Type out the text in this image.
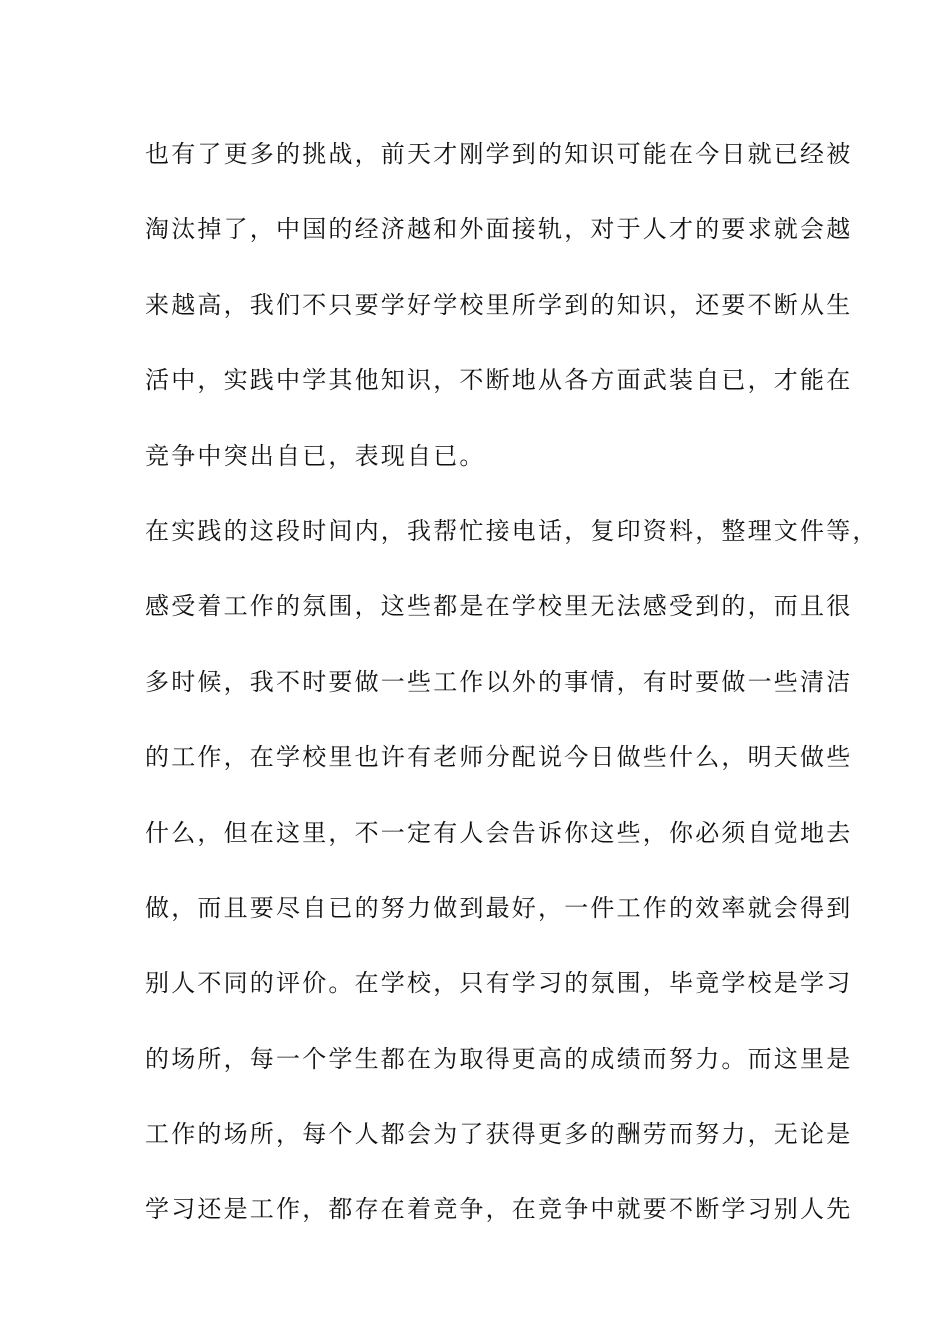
也有了更多的挑战，前天才刚学到的知识可能在今日就已经被
淘汰掉了，中国的经济越和外面接轨，对于人才的要求就会越
来越高，我们不只要学好学校里所学到的知识，还要不断从生
活中，实践中学其他知识，不断地从各方面武装自已，才能在
竞争中突出自已，表现自已。
在实践的这段时间内，我帮忙接电话，复印资料，整理文件等，
感受着工作的氛围，这些都是在学校里无法感受到的，而且很
多时候，我不时要做一些工作以外的事情，有时要做一些清洁
的工作，在学校里也许有老师分配说今日做些什么，明天做些
什么，但在这里，不一定有人会告诉你这些，你必须自觉地去
做，而且要尽自已的努力做到最好，一件工作的效率就会得到
别人不同的评价。在学校，只有学习的氛围，毕竟学校是学习
的场所，每一个学生都在为取得更高的成绩而努力。而这里是
工作的场所，每个人都会为了获得更多的酬劳而努力，无论是
学习还是工作，都存在着竞争，在竞争中就要不断学习别人先
